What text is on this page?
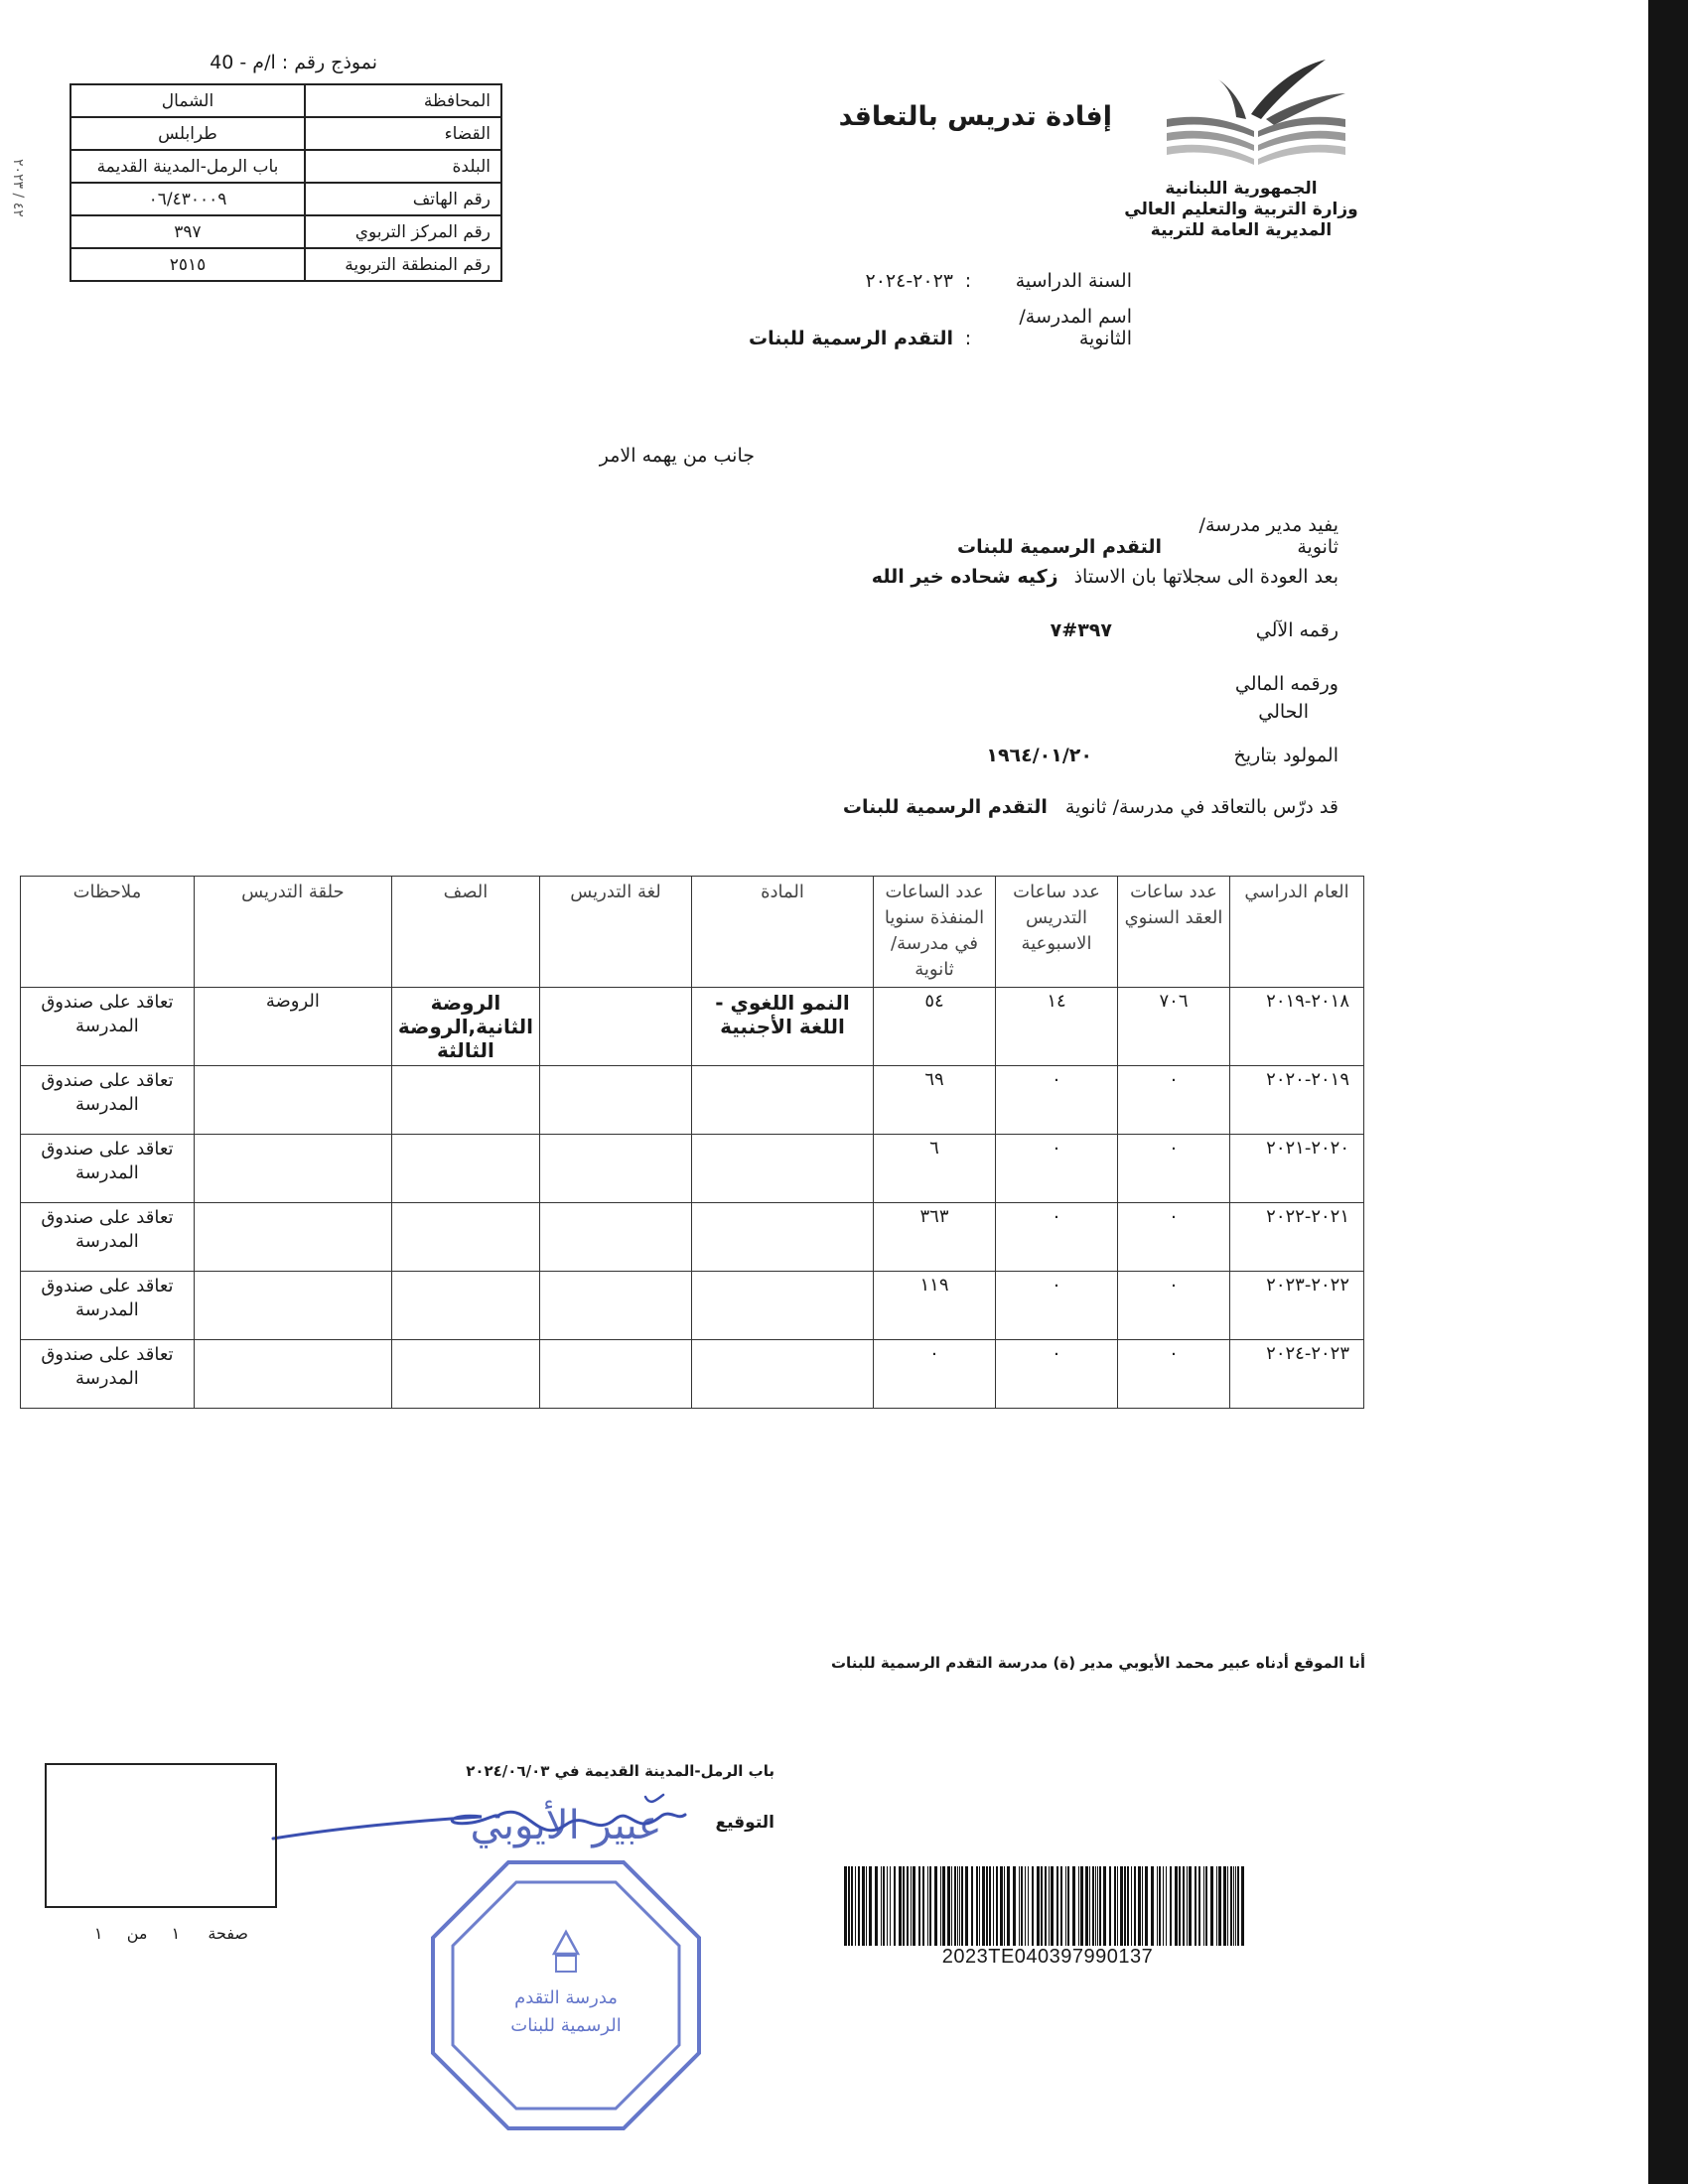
نموذج رقم : ا/م - 40
المحافظة	الشمال
القضاء	طرابلس
البلدة	باب الرمل-المدينة القديمة
رقم الهاتف	٠٦/٤٣٠٠٠٩
رقم المركز التربوي	٣٩٧
رقم المنطقة التربوية	٢٥١٥
٤٢ / ٢٠٢٣
الجمهورية اللبنانية
وزارة التربية والتعليم العالي
المديرية العامة للتربية
إفادة تدريس بالتعاقد
السنة الدراسية:٢٠٢٣-٢٠٢٤
اسم المدرسة/الثانوية:التقدم الرسمية للبنات
جانب من يهمه الامر
يفيد مدير مدرسة/ثانويةالتقدم الرسمية للبنات
بعد العودة الى سجلاتها بان الاستاذزكيه شحاده خير الله
رقمه الآلي٣٩٧#٧
ورقمه المالي
الحالي
المولود بتاريخ١٩٦٤/٠١/٢٠
قد درّس بالتعاقد في مدرسة/ ثانويةالتقدم الرسمية للبنات
العام الدراسي	عدد ساعات العقد السنوي	عدد ساعات التدريس الاسبوعية	عدد الساعات المنفذة سنويا في مدرسة/ثانوية	المادة	لغة التدريس	الصف	حلقة التدريس	ملاحظات
٢٠١٨-٢٠١٩	٧٠٦	١٤	٥٤	النمو اللغوي - اللغة الأجنبية		الروضة الثانية,الروضة الثالثة	الروضة	تعاقد على صندوق المدرسة
٢٠١٩-٢٠٢٠	٠	٠	٦٩					تعاقد على صندوق المدرسة
٢٠٢٠-٢٠٢١	٠	٠	٦					تعاقد على صندوق المدرسة
٢٠٢١-٢٠٢٢	٠	٠	٣٦٣					تعاقد على صندوق المدرسة
٢٠٢٢-٢٠٢٣	٠	٠	١١٩					تعاقد على صندوق المدرسة
٢٠٢٣-٢٠٢٤	٠	٠	٠					تعاقد على صندوق المدرسة
أنا الموقع أدناه عبير محمد الأيوبي مدير (ة) مدرسة التقدم الرسمية للبنات
باب الرمل-المدينة القديمة في ٢٠٢٤/٠٦/٠٣
التوقيع
عبير الأيوبي
مدرسة التقدم
الرسمية للبنات
صفحة  ١  من  ١
2023TE040397990137
